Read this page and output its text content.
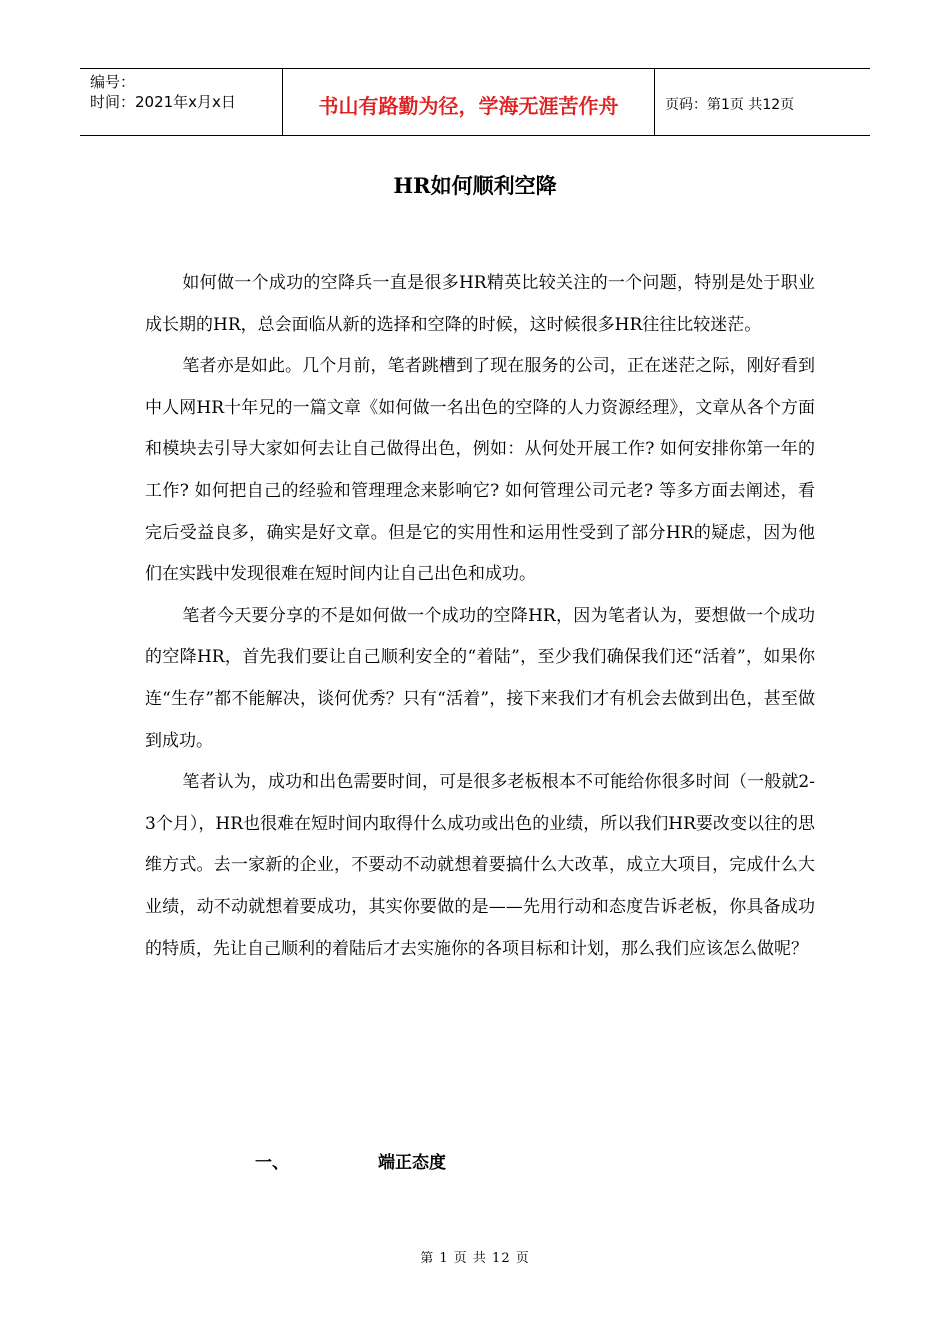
编号：
时间：2021年x月x日	书山有路勤为径，学海无涯苦作舟	页码：第1页 共12页
HR如何顺利空降

如何做一个成功的空降兵一直是很多HR精英比较关注的一个问题，特别是处于职业成长期的HR，总会面临从新的选择和空降的时候，这时候很多HR往往比较迷茫。

笔者亦是如此。几个月前，笔者跳槽到了现在服务的公司，正在迷茫之际，刚好看到中人网HR十年兄的一篇文章《如何做一名出色的空降的人力资源经理》，文章从各个方面和模块去引导大家如何去让自己做得出色，例如：从何处开展工作? 如何安排你第一年的工作? 如何把自己的经验和管理理念来影响它? 如何管理公司元老? 等多方面去阐述，看完后受益良多，确实是好文章。但是它的实用性和运用性受到了部分HR的疑虑，因为他们在实践中发现很难在短时间内让自己出色和成功。

笔者今天要分享的不是如何做一个成功的空降HR，因为笔者认为，要想做一个成功的空降HR，首先我们要让自己顺利安全的“着陆”，至少我们确保我们还“活着”，如果你连“生存”都不能解决，谈何优秀？只有“活着”，接下来我们才有机会去做到出色，甚至做到成功。

笔者认为，成功和出色需要时间，可是很多老板根本不可能给你很多时间（一般就2-3个月），HR也很难在短时间内取得什么成功或出色的业绩，所以我们HR要改变以往的思维方式。去一家新的企业，不要动不动就想着要搞什么大改革，成立大项目，完成什么大业绩，动不动就想着要成功，其实你要做的是——先用行动和态度告诉老板，你具备成功的特质，先让自己顺利的着陆后才去实施你的各项目标和计划，那么我们应该怎么做呢？

一、	端正态度
第 1 页 共 12 页
